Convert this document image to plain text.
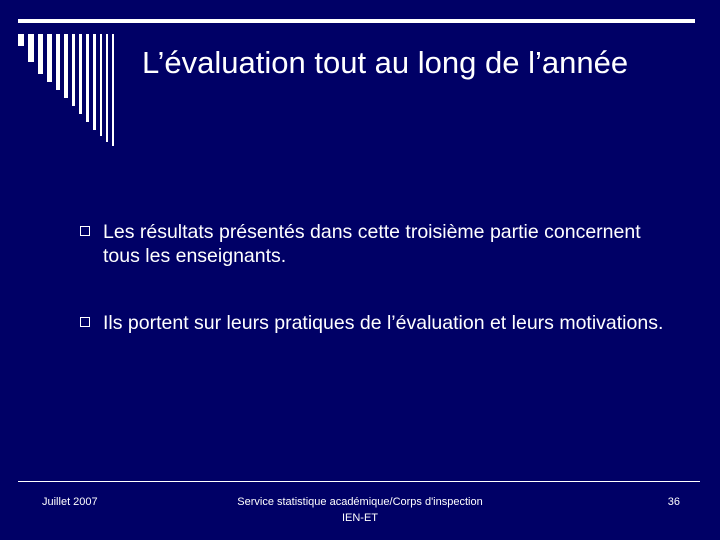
L’évaluation tout au long de l’année
Les résultats présentés dans cette troisième partie concernent tous les enseignants.
Ils portent sur leurs pratiques de l’évaluation et leurs motivations.
Juillet 2007	Service statistique académique/Corps d'inspection IEN-ET
36
